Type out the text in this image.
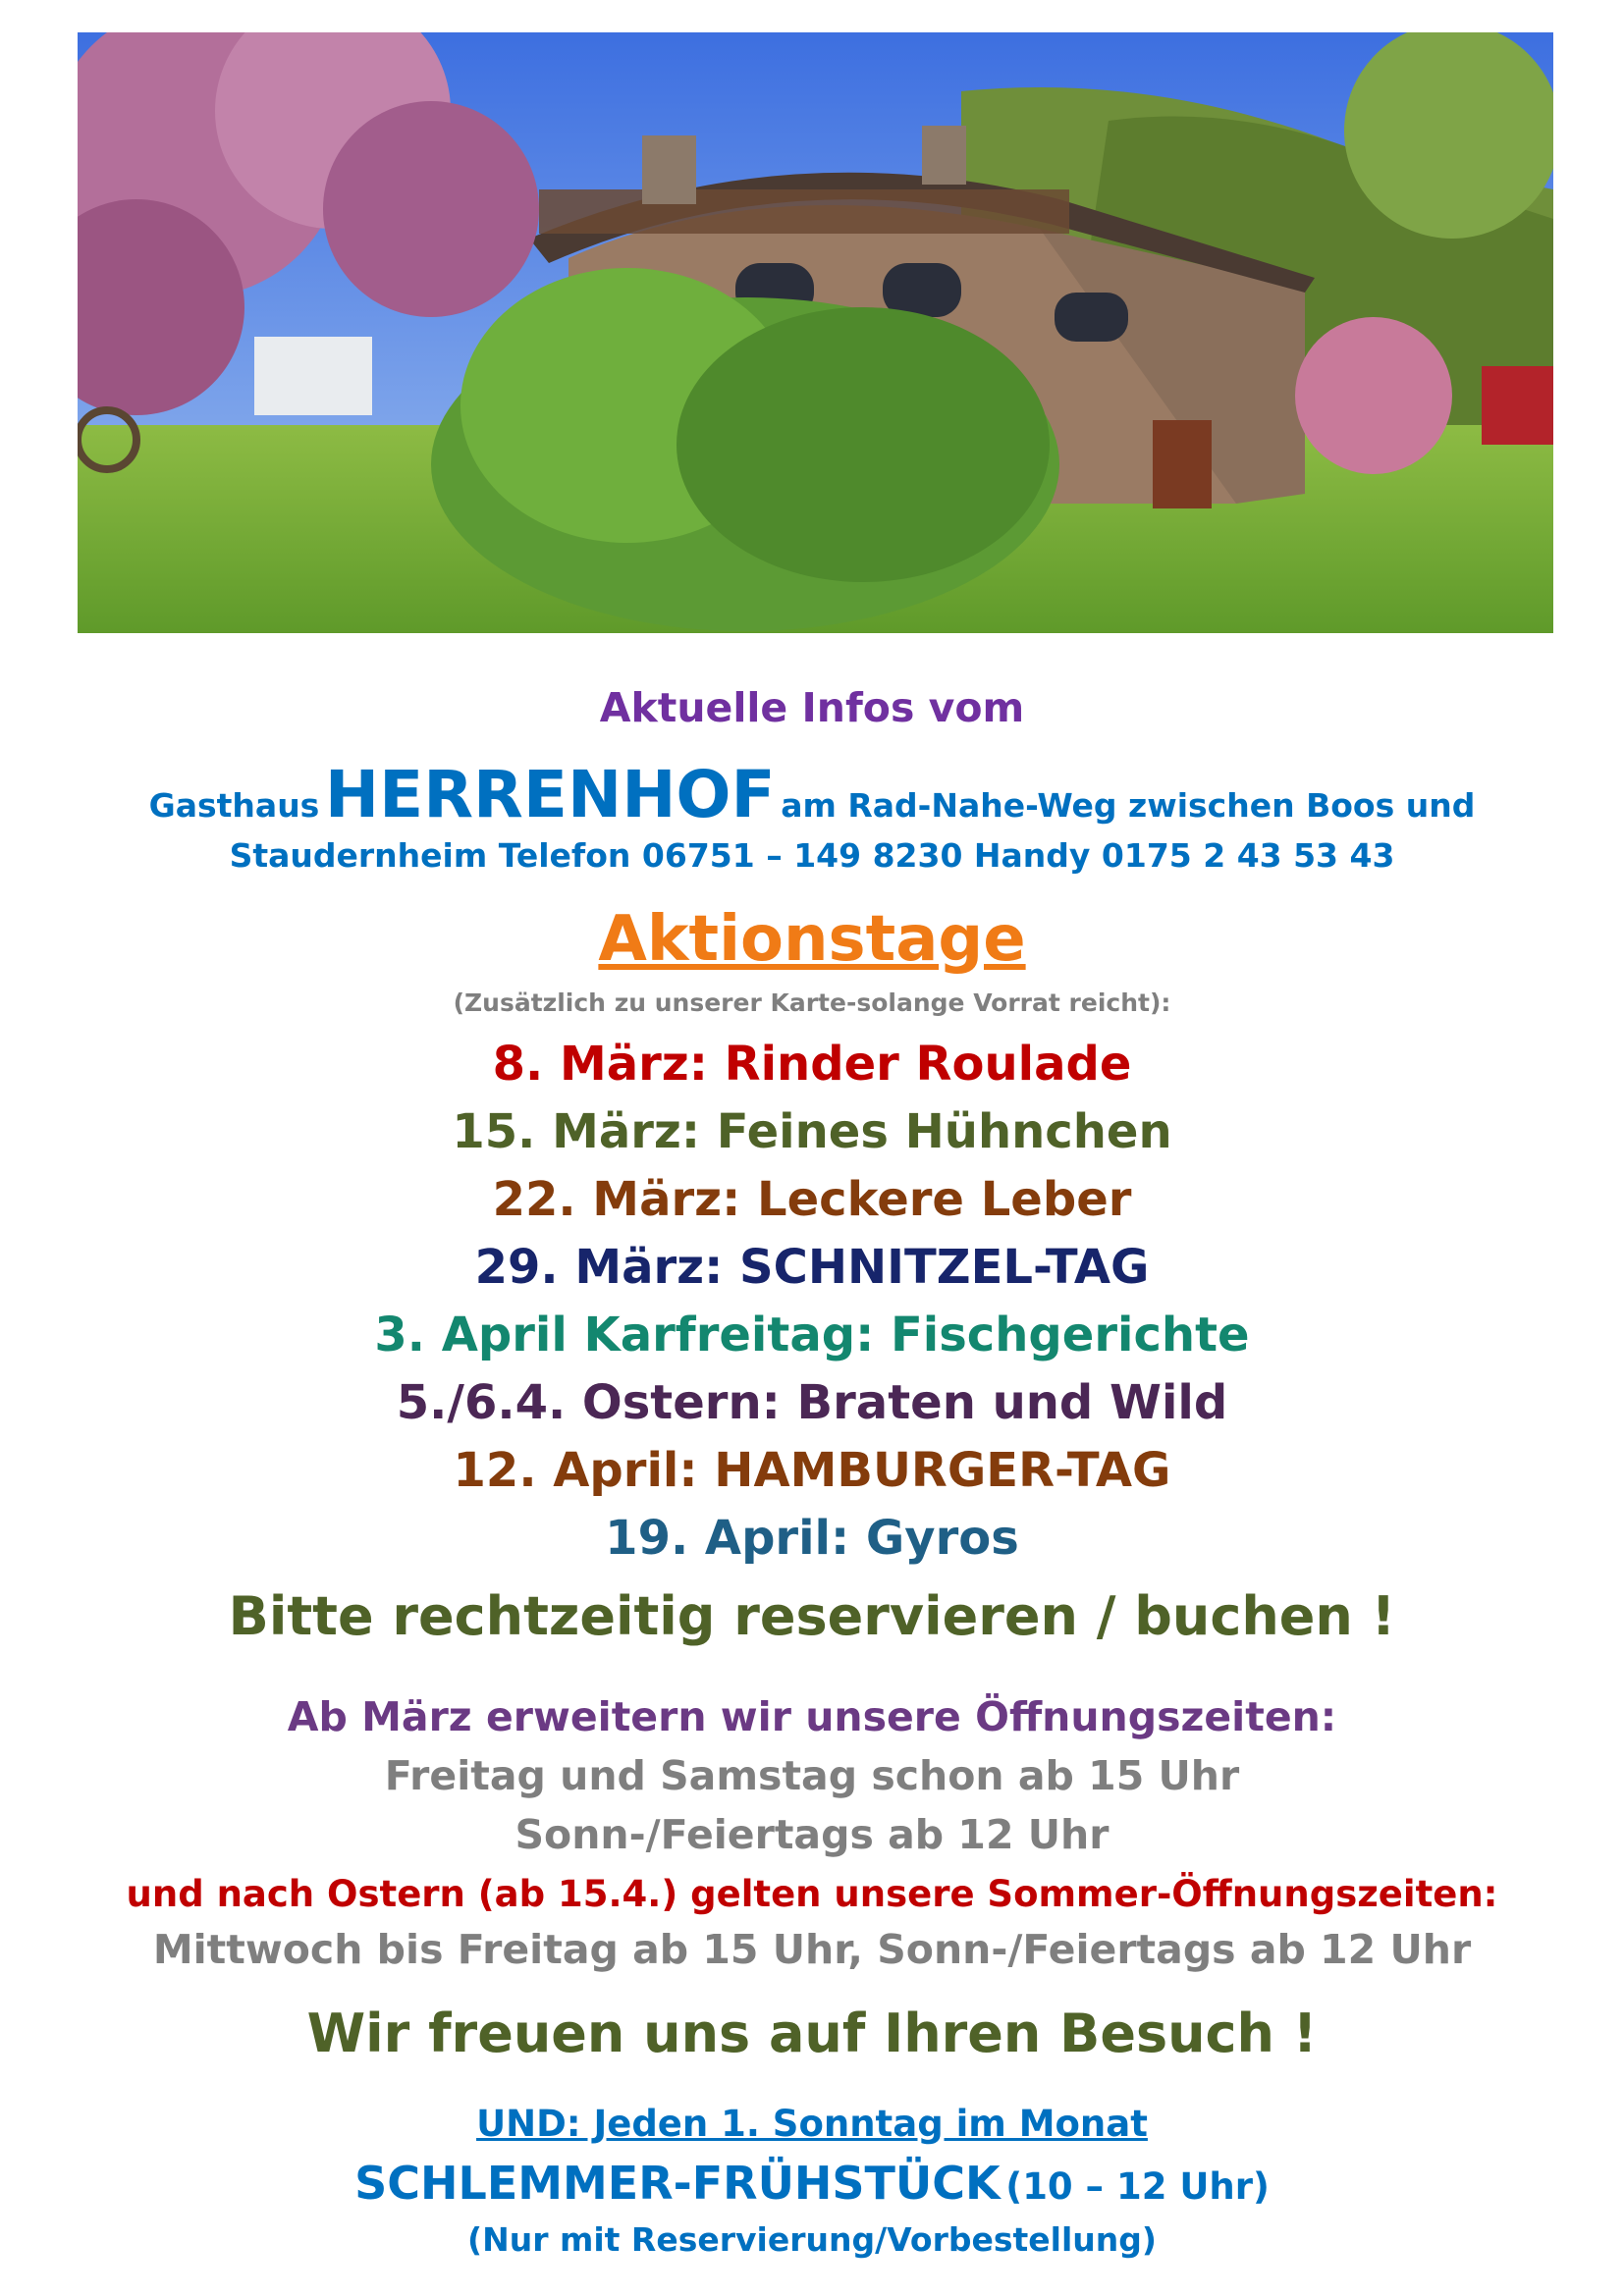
Aktuelle Infos vom
Gasthaus HERRENHOF am Rad-Nahe-Weg zwischen Boos und
Staudernheim Telefon 06751 – 149 8230 Handy 0175 2 43 53 43
Aktionstage
(Zusätzlich zu unserer Karte-solange Vorrat reicht):
8. März: Rinder Roulade
15. März: Feines Hühnchen
22. März: Leckere Leber
29. März: SCHNITZEL-TAG
3. April Karfreitag: Fischgerichte
5./6.4. Ostern: Braten und Wild
12. April: HAMBURGER-TAG
19. April: Gyros
Bitte rechtzeitig reservieren / buchen !
Ab März erweitern wir unsere Öffnungszeiten:
Freitag und Samstag schon ab 15 Uhr
Sonn-/Feiertags ab 12 Uhr
und nach Ostern (ab 15.4.) gelten unsere Sommer-Öffnungszeiten:
Mittwoch bis Freitag ab 15 Uhr, Sonn-/Feiertags ab 12 Uhr
Wir freuen uns auf Ihren Besuch !
UND: Jeden 1. Sonntag im Monat
SCHLEMMER-FRÜHSTÜCK (10 – 12 Uhr)
(Nur mit Reservierung/Vorbestellung)
